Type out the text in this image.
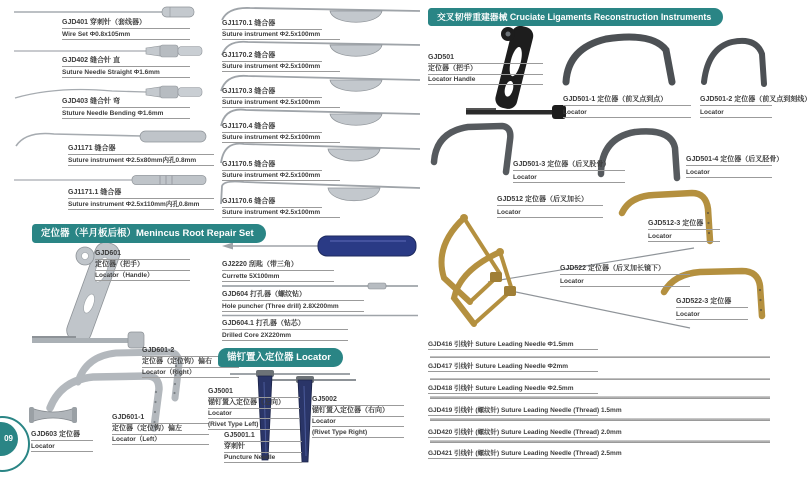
GJD401 穿刺针（套线器）
Wire Set Φ0.8x105mm
GJD402 缝合针 直
Suture Needle Straight Φ1.6mm
GJD403 缝合针 弯
Stuture Needle Bending Φ1.6mm
GJ1171 缝合器
Suture instrument Φ2.5x80mm内孔0.8mm
GJ1171.1 缝合器
Suture instrument Φ2.5x110mm内孔0.8mm
定位器（半月板后根）Menincus Root Repair Set
GJD601
定位器（把手）
Locator（Handle）
GJD601-2
定位器（定位钩）偏右
Locator（Right）
GJD601-1
定位器（定位钩）偏左
Locator（Left）
GJD603 定位器
Locator
09
GJ1170.1 缝合器
Suture instrument Φ2.5x100mm
GJ1170.2 缝合器
Suture instrument Φ2.5x100mm
GJ1170.3 缝合器
Suture instrument Φ2.5x100mm
GJ1170.4 缝合器
Suture instrument Φ2.5x100mm
GJ1170.5 缝合器
Suture instrument Φ2.5x100mm
GJ1170.6 缝合器
Suture instrument Φ2.5x100mm
GJ2220 刮匙（带三角）
Currette 5X100mm
GJD604 打孔器（螺纹钻）
Hole puncher (Three drill) 2.8X200mm
GJD604.1 打孔器（钻芯）
Drilled Core 2X220mm
锚钉置入定位器 Locator
GJ5001
锚钉置入定位器（左向）
Locator
(Rivet Type Left)
GJ5001.1
穿刺针
Puncture Needle
GJ5002
锚钉置入定位器（右向）
Locator
(Rivet Type Right)
交叉韧带重建器械 Cruciate Ligaments Reconstruction Instruments
GJD501
定位器（把手）
Locator Handle
GJD501-1 定位器（前叉点到点）
Locator
GJD501-2 定位器（前叉点到刻线）
Locator
GJD501-3 定位器（后叉股骨）
Locator
GJD501-4 定位器（后叉胫骨）
Locator
GJD512 定位器（后叉加长）
Locator
GJD512-3 定位器
Locator
GJD522 定位器（后叉加长镜下）
Locator
GJD522-3 定位器
Locator
GJD416 引线针 Suture Leading Needle Φ1.5mm
GJD417 引线针 Suture Leading Needle Φ2mm
GJD418 引线针 Suture Leading Needle Φ2.5mm
GJD419 引线针 (螺纹针) Suture Leading Needle (Thread) 1.5mm
GJD420 引线针 (螺纹针) Suture Leading Needle (Thread) 2.0mm
GJD421 引线针 (螺纹针) Suture Leading Needle (Thread) 2.5mm
